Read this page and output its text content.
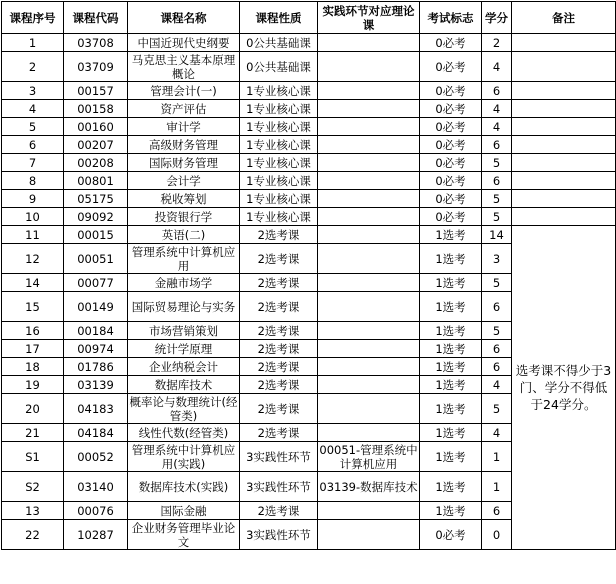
课程序号	课程代码	课程名称	课程性质	实践环节对应理论课	考试标志	学分	备注	
1	03708	中国近现代史纲要	0公共基础课		0必考	2		
2	03709	马克思主义基本原理概论	0公共基础课		0必考	4		
3	00157	管理会计(一)	1专业核心课		0必考	6		
4	00158	资产评估	1专业核心课		0必考	4		
5	00160	审计学	1专业核心课		0必考	4		
6	00207	高级财务管理	1专业核心课		0必考	6		
7	00208	国际财务管理	1专业核心课		0必考	5		
8	00801	会计学	1专业核心课		0必考	6		
9	05175	税收筹划	1专业核心课		0必考	5		
10	09092	投资银行学	1专业核心课		0必考	5		
11	00015	英语(二)	2选考课		1选考	14	选考课不得少于3门、学分不得低于24学分。	
12	00051	管理系统中计算机应用	2选考课		1选考	3		
14	00077	金融市场学	2选考课		1选考	5		
15	00149	国际贸易理论与实务	2选考课		1选考	6		
16	00184	市场营销策划	2选考课		1选考	5		
17	00974	统计学原理	2选考课		1选考	6		
18	01786	企业纳税会计	2选考课		1选考	6		
19	03139	数据库技术	2选考课		1选考	4		
20	04183	概率论与数理统计(经管类)	2选考课		1选考	5		
21	04184	线性代数(经管类)	2选考课		1选考	4		
S1	00052	管理系统中计算机应用(实践)	3实践性环节	00051-管理系统中计算机应用	1选考	1		
S2	03140	数据库技术(实践)	3实践性环节	03139-数据库技术	1选考	1		
13	00076	国际金融	2选考课		1选考	6		
22	10287	企业财务管理毕业论文	3实践性环节		0必考	0		
